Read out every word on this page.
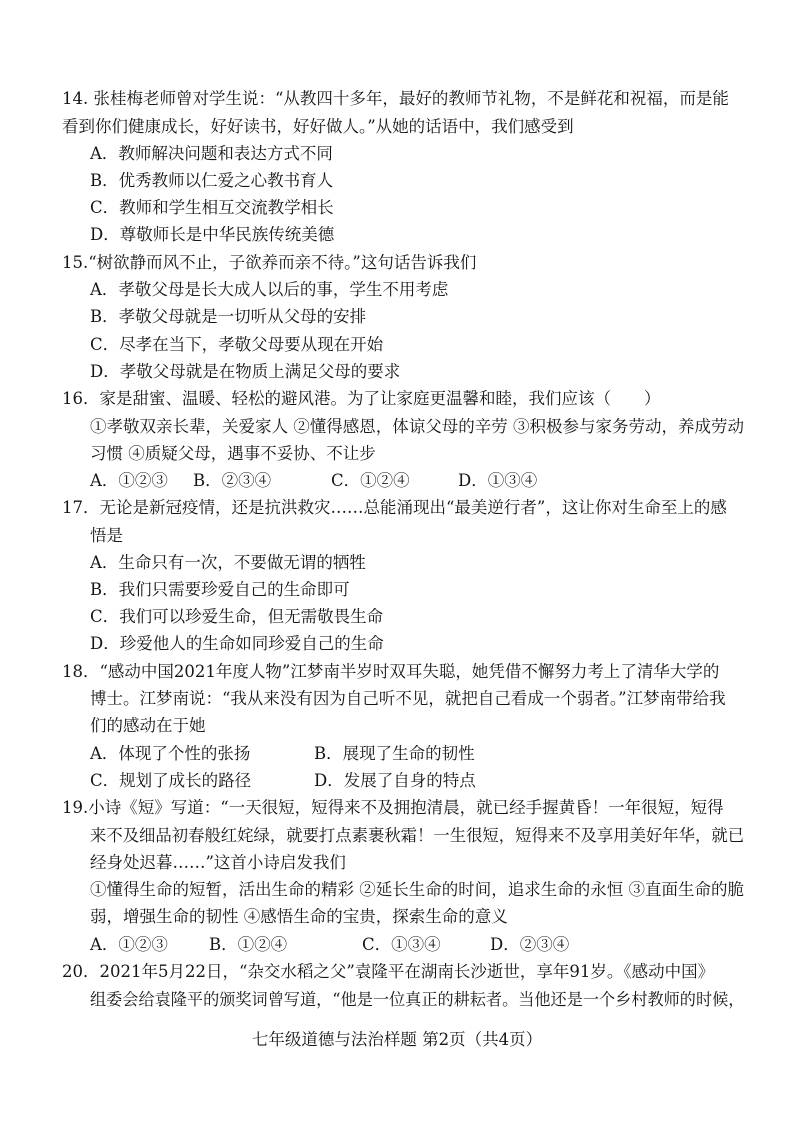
14. 张桂梅老师曾对学生说：“从教四十多年，最好的教师节礼物，不是鲜花和祝福，而是能
看到你们健康成长，好好读书，好好做人。”从她的话语中，我们感受到
A．教师解决问题和表达方式不同
B．优秀教师以仁爱之心教书育人
C．教师和学生相互交流教学相长
D．尊敬师长是中华民族传统美德
15.“树欲静而风不止，子欲养而亲不待。”这句话告诉我们
A．孝敬父母是长大成人以后的事，学生不用考虑
B．孝敬父母就是一切听从父母的安排
C．尽孝在当下，孝敬父母要从现在开始
D．孝敬父母就是在物质上满足父母的要求
16．家是甜蜜、温暖、轻松的避风港。为了让家庭更温馨和睦，我们应该（　　）
①孝敬双亲长辈，关爱家人 ②懂得感恩，体谅父母的辛劳 ③积极参与家务劳动，养成劳动
习惯 ④质疑父母，遇事不妥协、不让步
A．①②③ B．②③④	C．①②④	D．①③④
17．无论是新冠疫情，还是抗洪救灾……总能涌现出“最美逆行者”，这让你对生命至上的感
悟是
A．生命只有一次，不要做无谓的牺牲
B．我们只需要珍爱自己的生命即可
C．我们可以珍爱生命，但无需敬畏生命
D．珍爱他人的生命如同珍爱自己的生命
18．“感动中国2021年度人物”江梦南半岁时双耳失聪，她凭借不懈努力考上了清华大学的
博士。江梦南说：“我从来没有因为自己听不见，就把自己看成一个弱者。”江梦南带给我
们的感动在于她
A．体现了个性的张扬	B．展现了生命的韧性
C．规划了成长的路径	D．发展了自身的特点
19.小诗《短》写道：“一天很短，短得来不及拥抱清晨，就已经手握黄昏！一年很短，短得
来不及细品初春般红姹绿，就要打点素裹秋霜！一生很短，短得来不及享用美好年华，就已
经身处迟暮……”这首小诗启发我们
①懂得生命的短暂，活出生命的精彩 ②延长生命的时间，追求生命的永恒 ③直面生命的脆
弱，增强生命的韧性 ④感悟生命的宝贵，探索生命的意义
A．①②③ B．①②④	C．①③④	D．②③④
20．2021年5月22日，“杂交水稻之父”袁隆平在湖南长沙逝世，享年91岁。《感动中国》
组委会给袁隆平的颁奖词曾写道，“他是一位真正的耕耘者。当他还是一个乡村教师的时候，
七年级道德与法治样题 第2页（共4页）
